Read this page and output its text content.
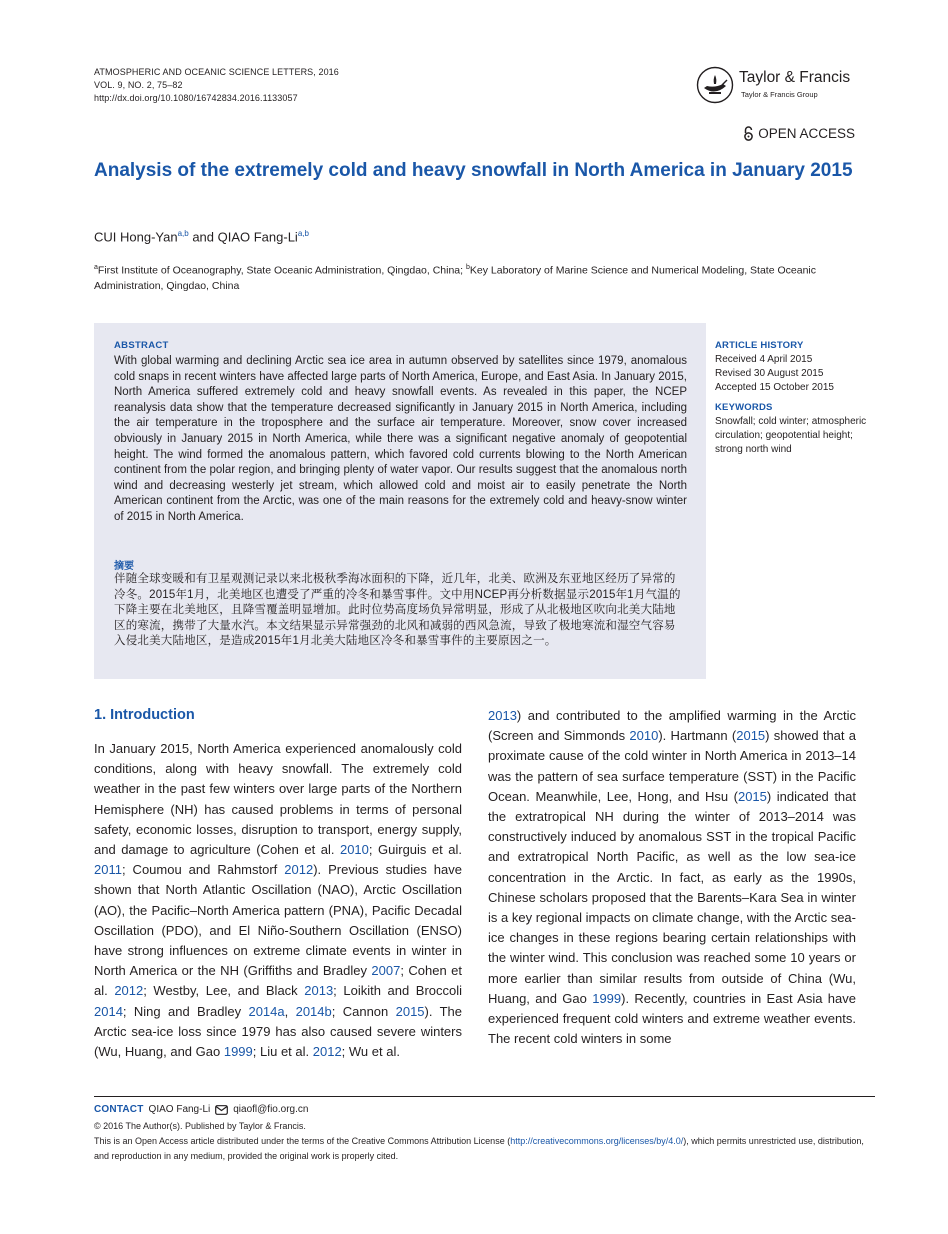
ATMOSPHERIC AND OCEANIC SCIENCE LETTERS, 2016
VOL. 9, NO. 2, 75–82
http://dx.doi.org/10.1080/16742834.2016.1133057
Taylor & Francis
Taylor & Francis Group
OPEN ACCESS
Analysis of the extremely cold and heavy snowfall in North America in January 2015
CUI Hong-Yan$^{a,b}$ and QIAO Fang-Li$^{a,b}$
$^a$First Institute of Oceanography, State Oceanic Administration, Qingdao, China; $^b$Key Laboratory of Marine Science and Numerical Modeling, State Oceanic Administration, Qingdao, China
ABSTRACT

With global warming and declining Arctic sea ice area in autumn observed by satellites since 1979, anomalous cold snaps in recent winters have affected large parts of North America, Europe, and East Asia. In January 2015, North America suffered extremely cold and heavy snowfall events. As revealed in this paper, the NCEP reanalysis data show that the temperature decreased significantly in January 2015 in North America, including the air temperature in the troposphere and the surface air temperature. Moreover, snow cover increased obviously in January 2015 in North America, while there was a significant negative anomaly of geopotential height. The wind formed the anomalous pattern, which favored cold currents blowing to the North American continent from the polar region, and bringing plenty of water vapor. Our results suggest that the anomalous north wind and decreasing westerly jet stream, which allowed cold and moist air to easily penetrate the North American continent from the Arctic, was one of the main reasons for the extremely cold and heavy-snow winter of 2015 in North America.

摘要

伴随全球变暖和有卫星观测记录以来北极秋季海冰面积的下降，近几年，北美、欧洲及东亚地区经历了异常的冷冬。2015年1月，北美地区也遭受了严重的冷冬和暴雪事件。文中用NCEP再分析数据显示2015年1月气温的下降主要在北美地区，且降雪覆盖明显增加。此时位势高度场负异常明显，形成了从北极地区吹向北美大陆地区的寒流，携带了大量水汽。本文结果显示异常强劲的北风和减弱的西风急流，导致了极地寒流和湿空气容易入侵北美大陆地区，是造成2015年1月北美大陆地区冷冬和暴雪事件的主要原因之一。

ARTICLE HISTORY
Received 4 April 2015
Revised 30 August 2015
Accepted 15 October 2015
KEYWORDS
Snowfall; cold winter; atmospheric circulation; geopotential height; strong north wind
1. Introduction

In January 2015, North America experienced anomalously cold conditions, along with heavy snowfall. The extremely cold weather in the past few winters over large parts of the Northern Hemisphere (NH) has caused problems in terms of personal safety, economic losses, disruption to transport, energy supply, and damage to agriculture (Cohen et al. 2010; Guirguis et al. 2011; Coumou and Rahmstorf 2012). Previous studies have shown that North Atlantic Oscillation (NAO), Arctic Oscillation (AO), the Pacific–North America pattern (PNA), Pacific Decadal Oscillation (PDO), and El Niño-Southern Oscillation (ENSO) have strong influences on extreme climate events in winter in North America or the NH (Griffiths and Bradley 2007; Cohen et al. 2012; Westby, Lee, and Black 2013; Loikith and Broccoli 2014; Ning and Bradley 2014a, 2014b; Cannon 2015). The Arctic sea-ice loss since 1979 has also caused severe winters (Wu, Huang, and Gao 1999; Liu et al. 2012; Wu et al.

2013) and contributed to the amplified warming in the Arctic (Screen and Simmonds 2010). Hartmann (2015) showed that a proximate cause of the cold winter in North America in 2013–14 was the pattern of sea surface temperature (SST) in the Pacific Ocean. Meanwhile, Lee, Hong, and Hsu (2015) indicated that the extratropical NH during the winter of 2013–2014 was constructively induced by anomalous SST in the tropical Pacific and extratropical North Pacific, as well as the low sea-ice concentration in the Arctic. In fact, as early as the 1990s, Chinese scholars proposed that the Barents–Kara Sea in winter is a key regional impacts on climate change, with the Arctic sea-ice changes in these regions bearing certain relationships with the winter wind. This conclusion was reached some 10 years or more earlier than similar results from outside of China (Wu, Huang, and Gao 1999). Recently, countries in East Asia have experienced frequent cold winters and extreme weather events. The recent cold winters in some

CONTACT QIAO Fang-Li qiaofl@fio.org.cn
© 2016 The Author(s). Published by Taylor & Francis.
This is an Open Access article distributed under the terms of the Creative Commons Attribution License (http://creativecommons.org/licenses/by/4.0/), which permits unrestricted use, distribution, and reproduction in any medium, provided the original work is properly cited.
